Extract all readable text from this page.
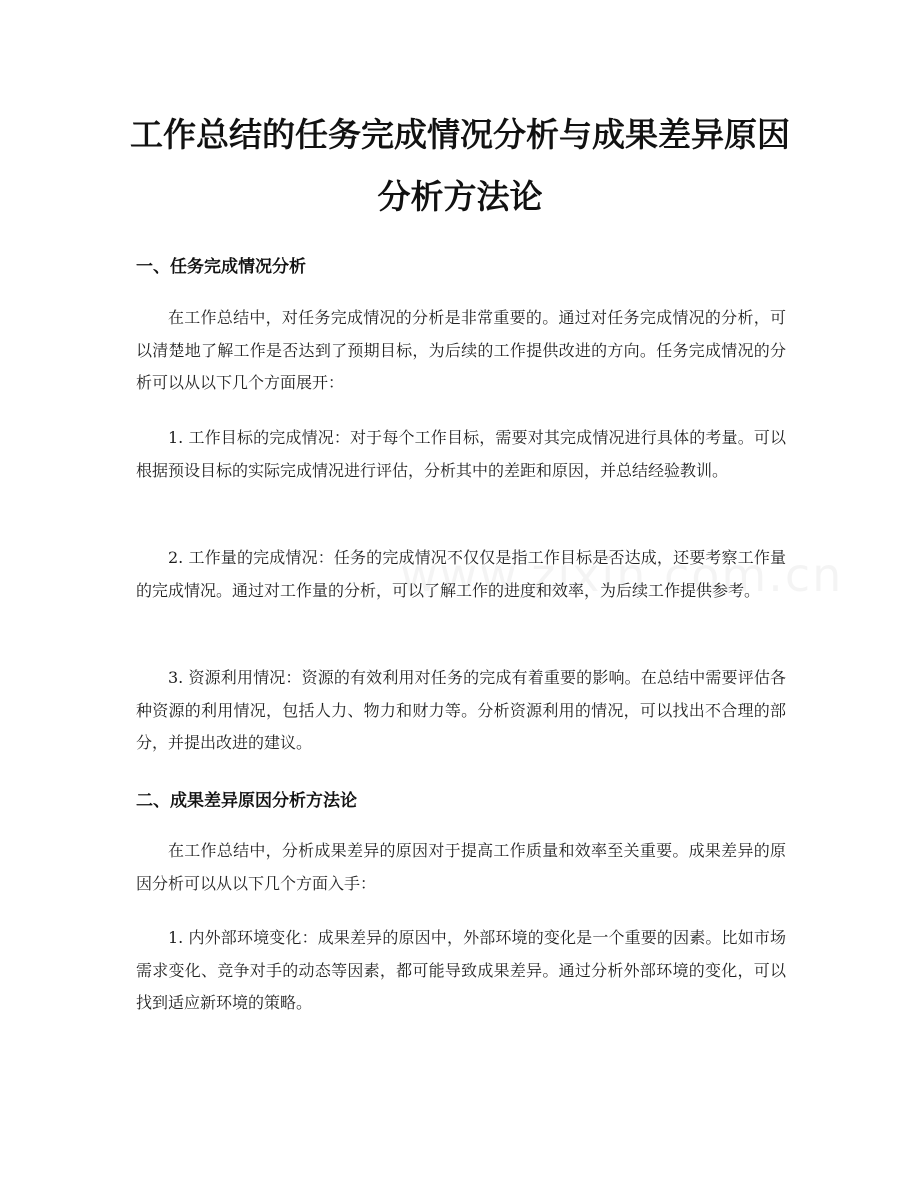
工作总结的任务完成情况分析与成果差异原因分析方法论
一、任务完成情况分析

在工作总结中，对任务完成情况的分析是非常重要的。通过对任务完成情况的分析，可以清楚地了解工作是否达到了预期目标，为后续的工作提供改进的方向。任务完成情况的分析可以从以下几个方面展开：

1. 工作目标的完成情况：对于每个工作目标，需要对其完成情况进行具体的考量。可以根据预设目标的实际完成情况进行评估，分析其中的差距和原因，并总结经验教训。

2. 工作量的完成情况：任务的完成情况不仅仅是指工作目标是否达成，还要考察工作量的完成情况。通过对工作量的分析，可以了解工作的进度和效率，为后续工作提供参考。

3. 资源利用情况：资源的有效利用对任务的完成有着重要的影响。在总结中需要评估各种资源的利用情况，包括人力、物力和财力等。分析资源利用的情况，可以找出不合理的部分，并提出改进的建议。

二、成果差异原因分析方法论

在工作总结中，分析成果差异的原因对于提高工作质量和效率至关重要。成果差异的原因分析可以从以下几个方面入手：

1. 内外部环境变化：成果差异的原因中，外部环境的变化是一个重要的因素。比如市场需求变化、竞争对手的动态等因素，都可能导致成果差异。通过分析外部环境的变化，可以找到适应新环境的策略。
